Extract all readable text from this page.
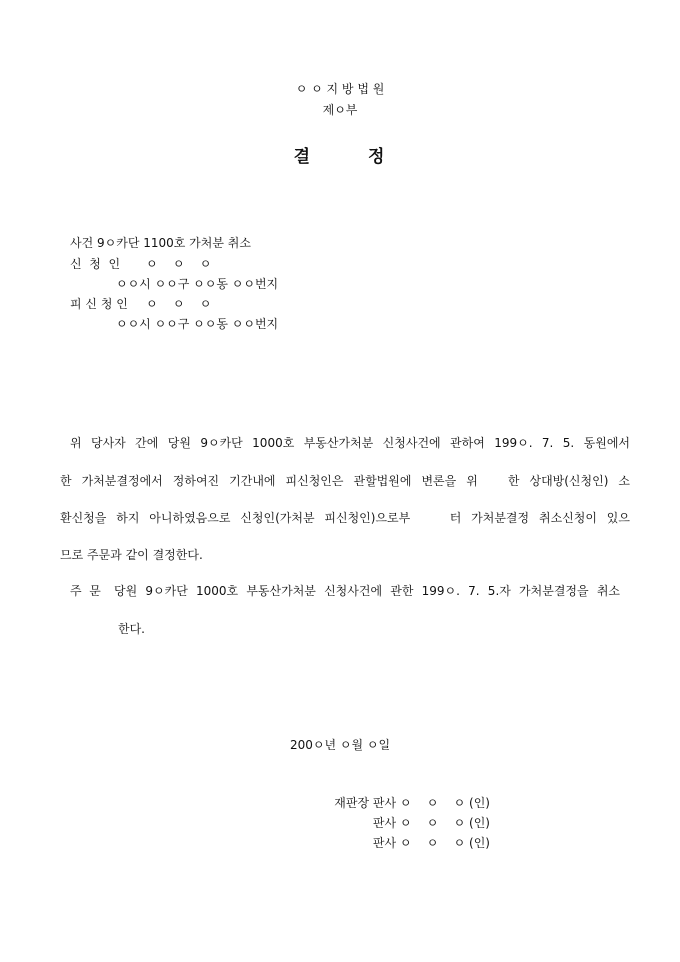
ㅇ ㅇ 지 방 법 원
제ㅇ부
결	정
사건 9ㅇ카단 1100호 가처분 취소
신  청  인 ㅇ    ㅇ    ㅇ
ㅇㅇ시 ㅇㅇ구 ㅇㅇ동 ㅇㅇ번지
피 신 청 인 ㅇ    ㅇ    ㅇ
ㅇㅇ시 ㅇㅇ구 ㅇㅇ동 ㅇㅇ번지
위 당사자 간에 당원 9ㅇ카단 1000호 부동산가처분 신청사건에 관하여 199ㅇ. 7. 5. 동원에서
한 가처분결정에서 정하여진 기간내에 피신청인은 관할법원에 변론을 위   한 상대방(신청인) 소
환신청을 하지 아니하였음으로 신청인(가처분 피신청인)으로부    터 가처분결정 취소신청이 있으
므로 주문과 같이 결정한다.
주  문 당원 9ㅇ카단 1000호 부동산가처분 신청사건에 관한 199ㅇ. 7. 5.자 가처분결정을 취소
한다.
200ㅇ년 ㅇ월 ㅇ일
재판장 판사 ㅇ    ㅇ    ㅇ (인)
판사 ㅇ    ㅇ    ㅇ (인)
판사 ㅇ    ㅇ    ㅇ (인)
